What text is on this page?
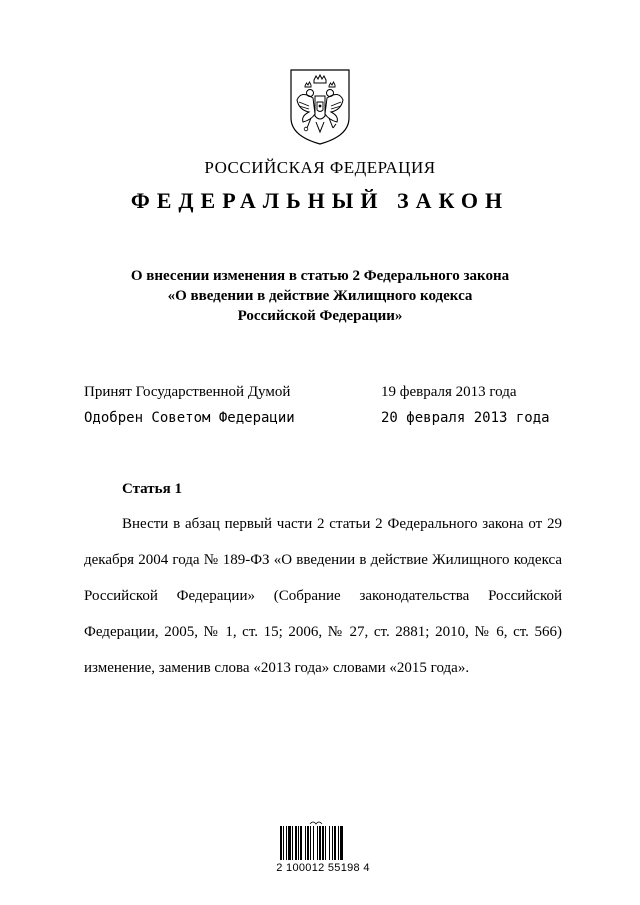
РОССИЙСКАЯ ФЕДЕРАЦИЯ
ФЕДЕРАЛЬНЫЙ ЗАКОН
О внесении изменения в статью 2 Федерального закона
«О введении в действие Жилищного кодекса
Российской Федерации»
Принят Государственной Думой	19 февраля 2013 года
Одобрен Советом Федерации	20 февраля 2013 года
Статья 1
Внести в абзац первый части 2 статьи 2 Федерального закона от 29
декабря 2004 года № 189-ФЗ «О введении в действие Жилищного кодекса
Российской Федерации» (Собрание законодательства Российской
Федерации, 2005, № 1, ст. 15; 2006, № 27, ст. 2881; 2010, № 6, ст. 566)
изменение, заменив слова «2013 года» словами «2015 года».
2 100012 55198 4
